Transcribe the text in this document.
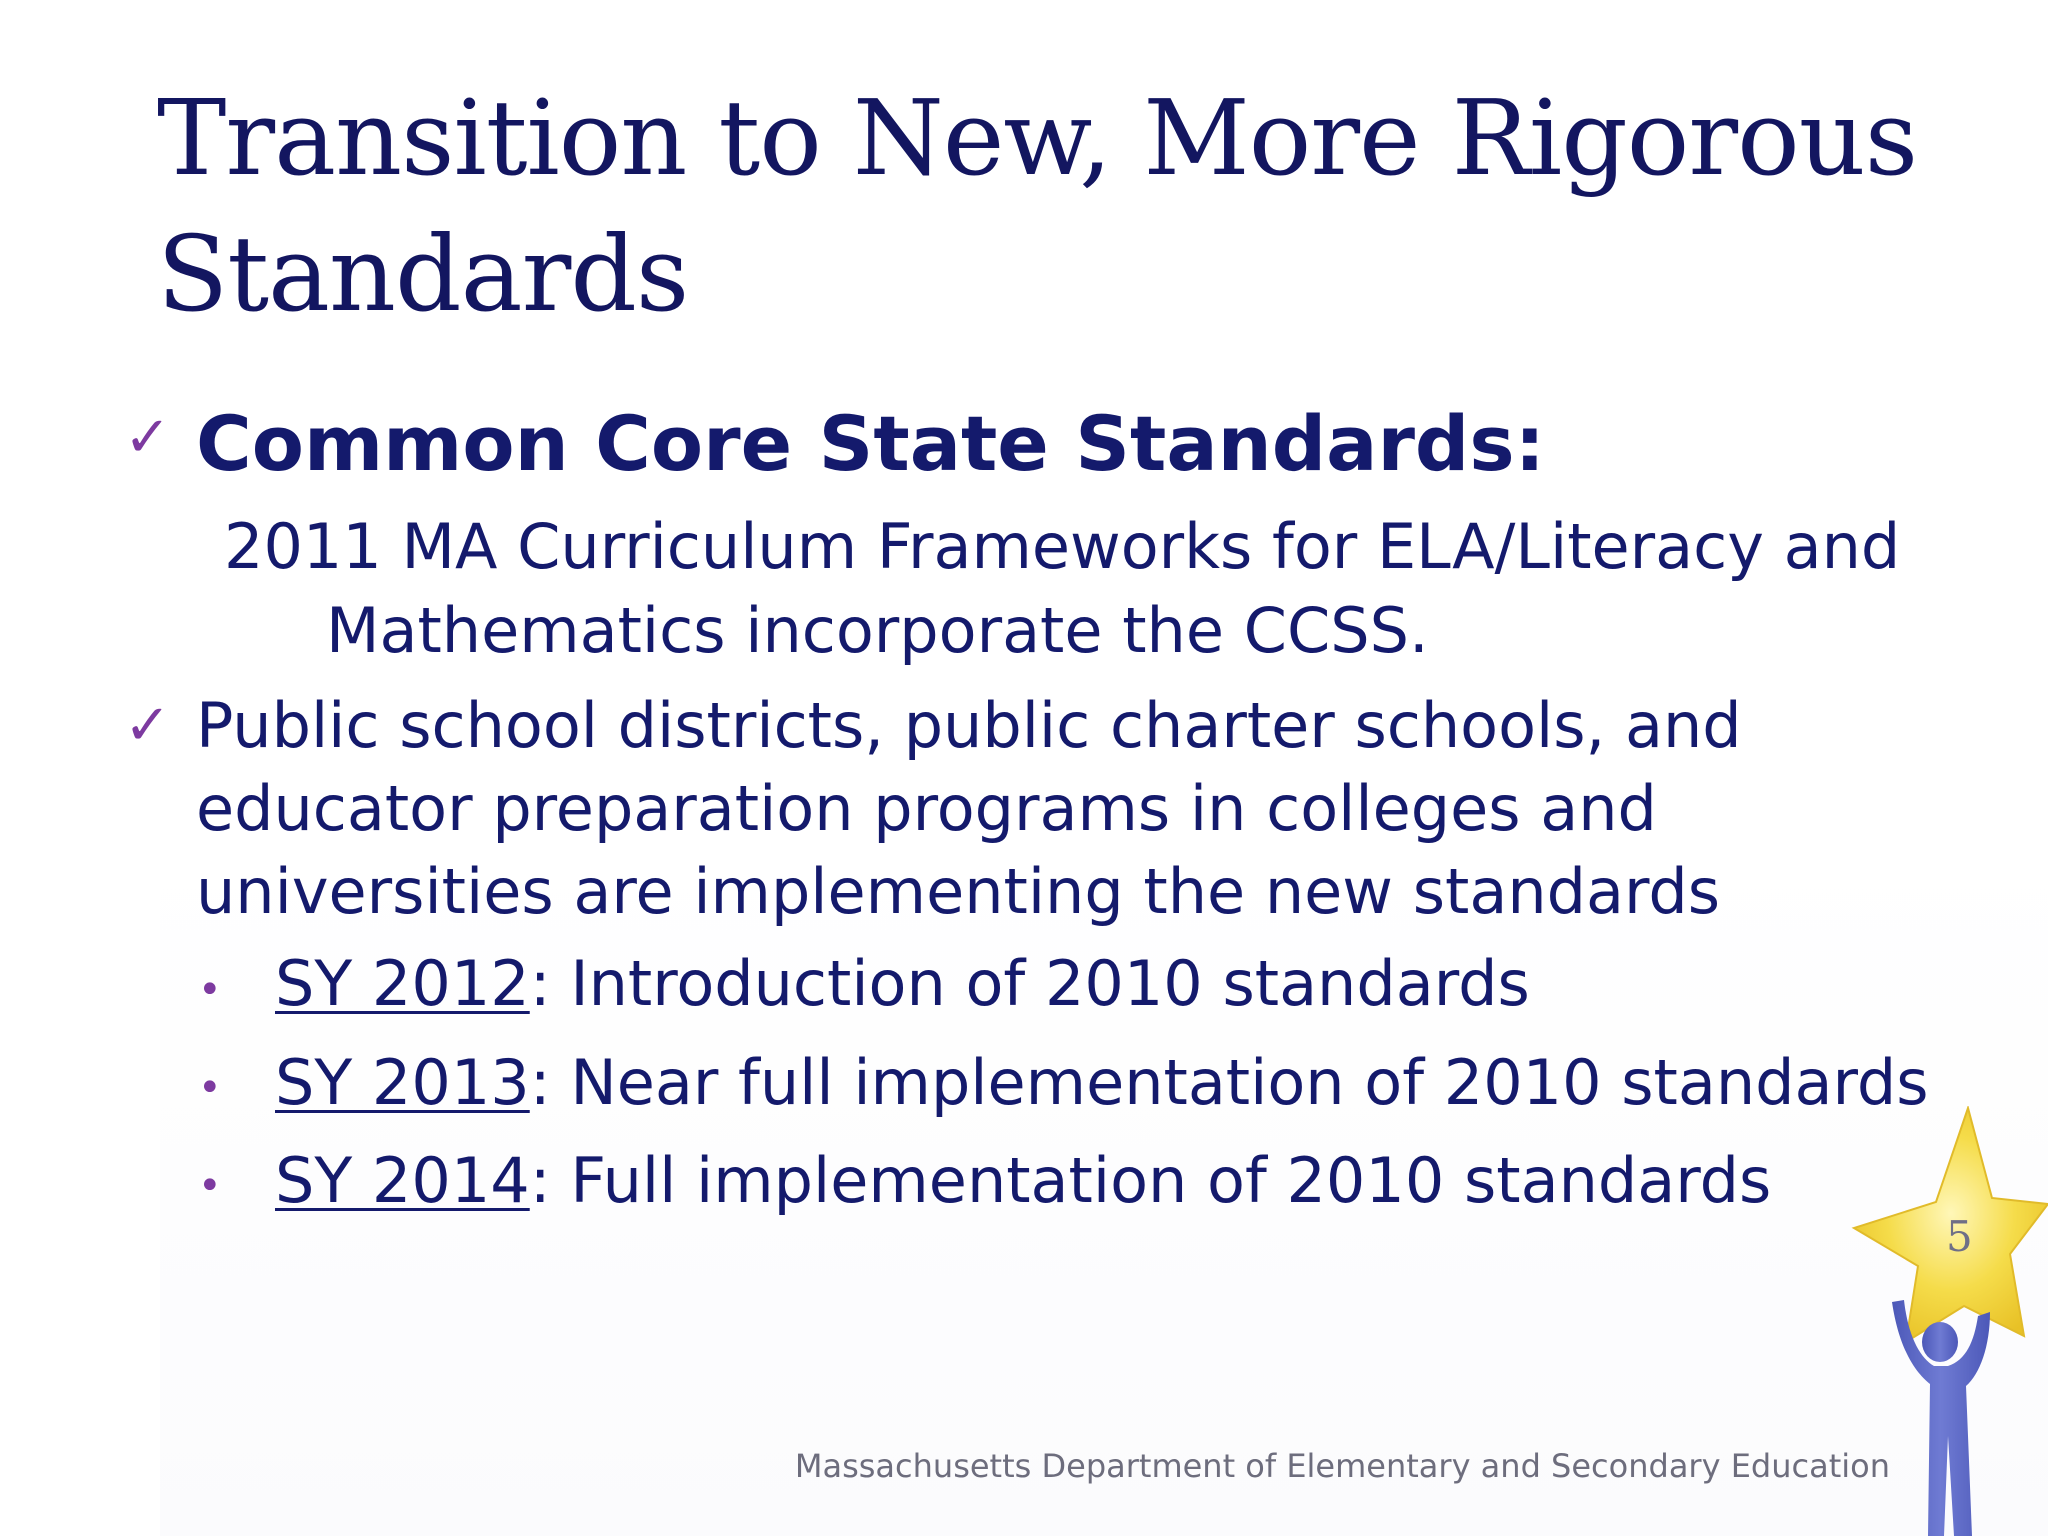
Transition to New, More Rigorous Standards
✓ Common Core State Standards:
2011 MA Curriculum Frameworks for ELA/Literacy and
Mathematics incorporate the CCSS.
✓ Public school districts, public charter schools, and educator preparation programs in colleges and universities are implementing the new standards
• SY 2012: Introduction of 2010 standards
• SY 2013: Near full implementation of 2010 standards
• SY 2014: Full implementation of 2010 standards
5
Massachusetts Department of Elementary and Secondary Education
